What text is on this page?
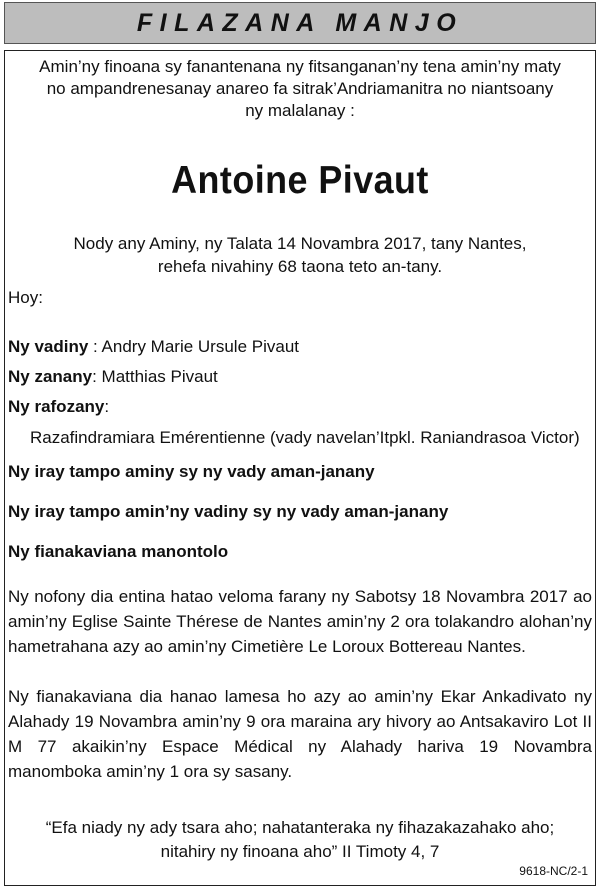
FILAZANA MANJO

Amin’ny finoana sy fanantenana ny fitsanganan’ny tena amin’ny maty

no ampandrenesanay anareo fa sitrak’Andriamanitra no niantsoany

ny malalanay :

Antoine Pivaut
Nody any Aminy, ny Talata 14 Novambra 2017, tany Nantes,
rehefa nivahiny 68 taona teto an-tany.

Hoy:

Ny vadiny : Andry Marie Ursule Pivaut

Ny zanany: Matthias Pivaut

Ny rafozany:

Razafindramiara Emérentienne (vady navelan’Itpkl. Raniandrasoa Victor)

Ny iray tampo aminy sy ny vady aman-janany

Ny iray tampo amin’ny vadiny sy ny vady aman-janany

Ny fianakaviana manontolo

Ny nofony dia entina hatao veloma farany ny Sabotsy 18 Novambra 2017 ao amin’ny Eglise Sainte Thérese de Nantes amin’ny 2 ora tolakandro alohan’ny hametrahana azy ao amin’ny Cimetière Le Loroux Bottereau Nantes.

Ny fianakaviana dia hanao lamesa ho azy ao amin’ny Ekar Ankadivato ny Alahady 19 Novambra amin’ny 9 ora maraina ary hivory ao Antsakaviro Lot II M 77 akaikin’ny Espace Médical ny Alahady hariva 19 Novambra manomboka amin’ny 1 ora sy sasany.

“Efa niady ny ady tsara aho; nahatanteraka ny fihazakazahako aho;
nitahiry ny finoana aho” II Timoty 4, 7

9618-NC/2-1
